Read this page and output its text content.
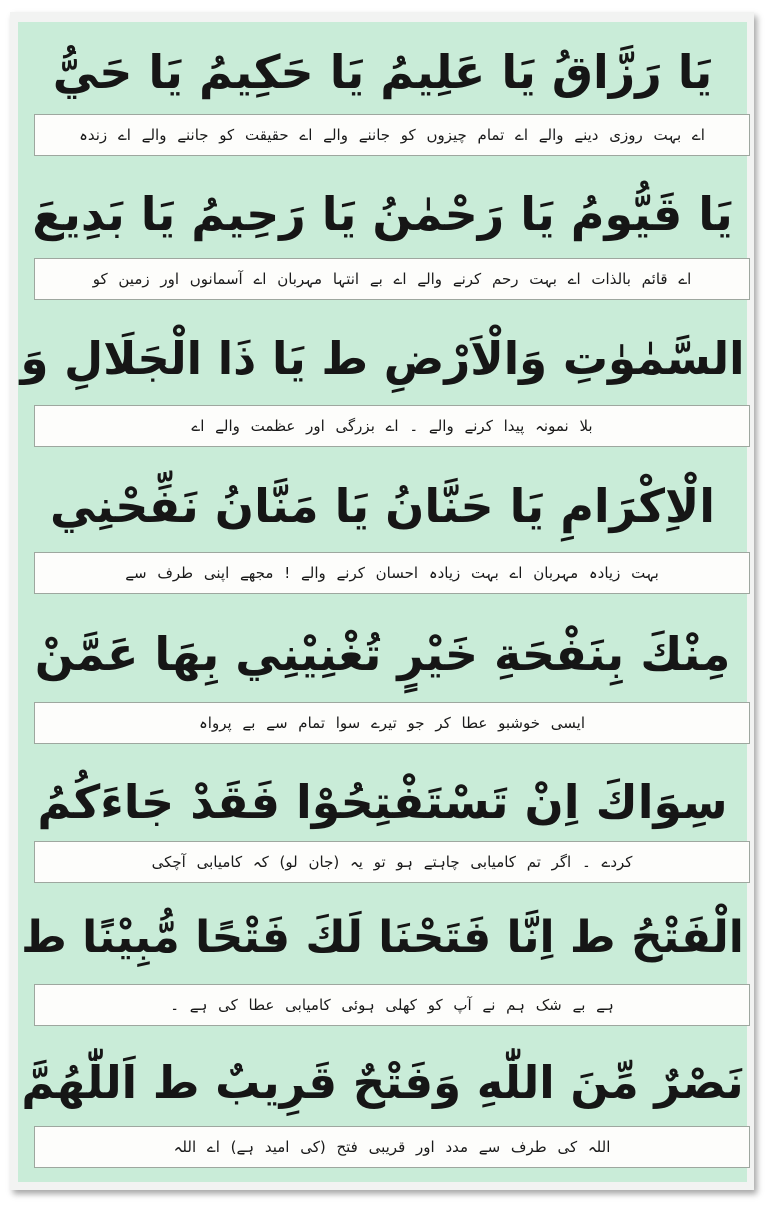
يَا رَزَّاقُ يَا عَلِيمُ يَا حَكِيمُ يَا حَيُّ
اے بہت روزی دینے والے اے تمام چیزوں کو جاننے والے اے حقیقت کو جاننے والے اے زندہ
يَا قَيُّومُ يَا رَحْمٰنُ يَا رَحِيمُ يَا بَدِيعَ
اے قائم بالذات اے بہت رحم کرنے والے اے بے انتہا مہربان اے آسمانوں اور زمین کو
السَّمٰوٰتِ وَالْاَرْضِ ط يَا ذَا الْجَلَالِ وَ
بلا نمونہ پیدا کرنے والے ۔ اے بزرگی اور عظمت والے اے
الْاِكْرَامِ يَا حَنَّانُ يَا مَنَّانُ نَفِّحْنِي
بہت زیادہ مہربان اے بہت زیادہ احسان کرنے والے ! مجھے اپنی طرف سے
مِنْكَ بِنَفْحَةِ خَيْرٍ تُغْنِيْنِي بِهَا عَمَّنْ
ایسی خوشبو عطا کر جو تیرے سوا تمام سے بے پرواہ
سِوَاكَ اِنْ تَسْتَفْتِحُوْا فَقَدْ جَاءَكُمُ
کردے ۔ اگر تم کامیابی چاہتے ہو تو یہ (جان لو) کہ کامیابی آچکی
الْفَتْحُ ط اِنَّا فَتَحْنَا لَكَ فَتْحًا مُّبِيْنًا ط
ہے بے شک ہم نے آپ کو کھلی ہوئی کامیابی عطا کی ہے ۔
نَصْرٌ مِّنَ اللّٰهِ وَفَتْحٌ قَرِيبٌ ط اَللّٰهُمَّ
اللہ کی طرف سے مدد اور قریبی فتح (کی امید ہے) اے اللہ
